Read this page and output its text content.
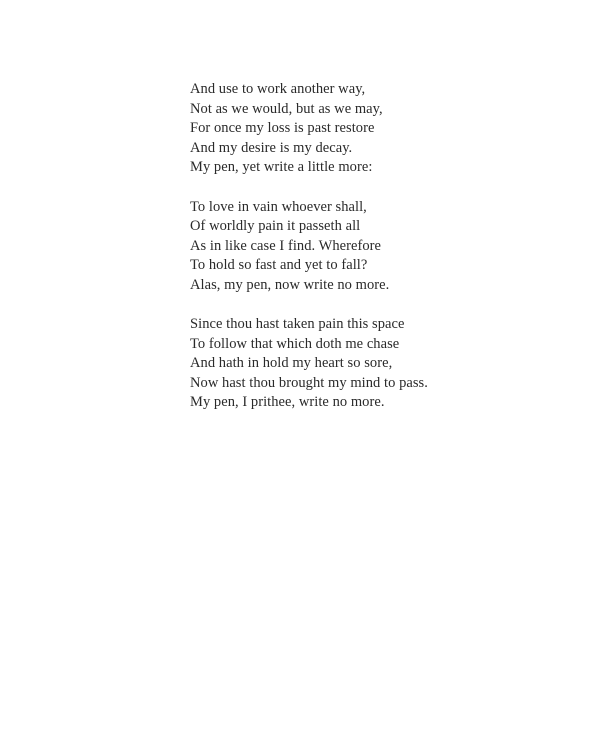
And use to work another way,
Not as we would, but as we may,
For once my loss is past restore
And my desire is my decay.
My pen, yet write a little more:
To love in vain whoever shall,
Of worldly pain it passeth all
As in like case I find. Wherefore
To hold so fast and yet to fall?
Alas, my pen, now write no more.
Since thou hast taken pain this space
To follow that which doth me chase
And hath in hold my heart so sore,
Now hast thou brought my mind to pass.
My pen, I prithee, write no more.
